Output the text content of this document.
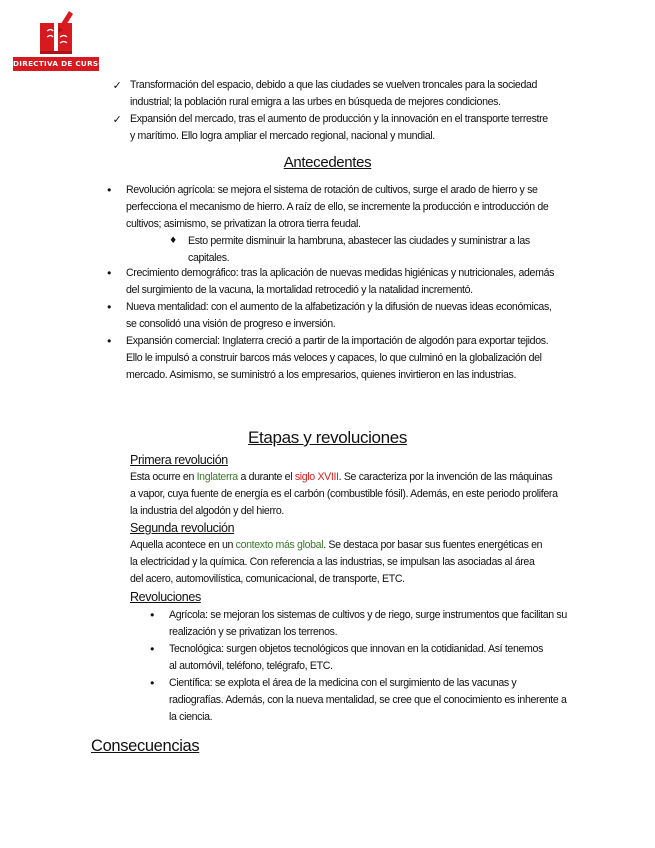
DIRECTIVA DE CURSO
✓ Transformación del espacio, debido a que las ciudades se vuelven troncales para la sociedad industrial; la población rural emigra a las urbes en búsqueda de mejores condiciones.

✓ Expansión del mercado, tras el aumento de producción y la innovación en el transporte terrestre y marítimo. Ello logra ampliar el mercado regional, nacional y mundial.

Antecedentes
• Revolución agrícola: se mejora el sistema de rotación de cultivos, surge el arado de hierro y se perfecciona el mecanismo de hierro. A raíz de ello, se incremente la producción e introducción de cultivos; asimismo, se privatizan la otrora tierra feudal.

♦ Esto permite disminuir la hambruna, abastecer las ciudades y suministrar a las capitales.

• Crecimiento demográfico: tras la aplicación de nuevas medidas higiénicas y nutricionales, además del surgimiento de la vacuna, la mortalidad retrocedió y la natalidad incrementó.

• Nueva mentalidad: con el aumento de la alfabetización y la difusión de nuevas ideas económicas, se consolidó una visión de progreso e inversión.

• Expansión comercial: Inglaterra creció a partir de la importación de algodón para exportar tejidos. Ello le impulsó a construir barcos más veloces y capaces, lo que culminó en la globalización del mercado. Asimismo, se suministró a los empresarios, quienes invirtieron en las industrias.

Etapas y revoluciones
Primera revolución

Esta ocurre en Inglaterra a durante el siglo XVIII. Se caracteriza por la invención de las máquinas a vapor, cuya fuente de energía es el carbón (combustible fósil). Además, en este periodo prolifera la industria del algodón y del hierro.

Segunda revolución

Aquella acontece en un contexto más global. Se destaca por basar sus fuentes energéticas en la electricidad y la química. Con referencia a las industrias, se impulsan las asociadas al área del acero, automovilística, comunicacional, de transporte, ETC.

Revoluciones
• Agrícola: se mejoran los sistemas de cultivos y de riego, surge instrumentos que facilitan su realización y se privatizan los terrenos.

• Tecnológica: surgen objetos tecnológicos que innovan en la cotidianidad. Así tenemos al automóvil, teléfono, telégrafo, ETC.

• Científica: se explota el área de la medicina con el surgimiento de las vacunas y radiografías. Además, con la nueva mentalidad, se cree que el conocimiento es inherente a la ciencia.

Consecuencias
